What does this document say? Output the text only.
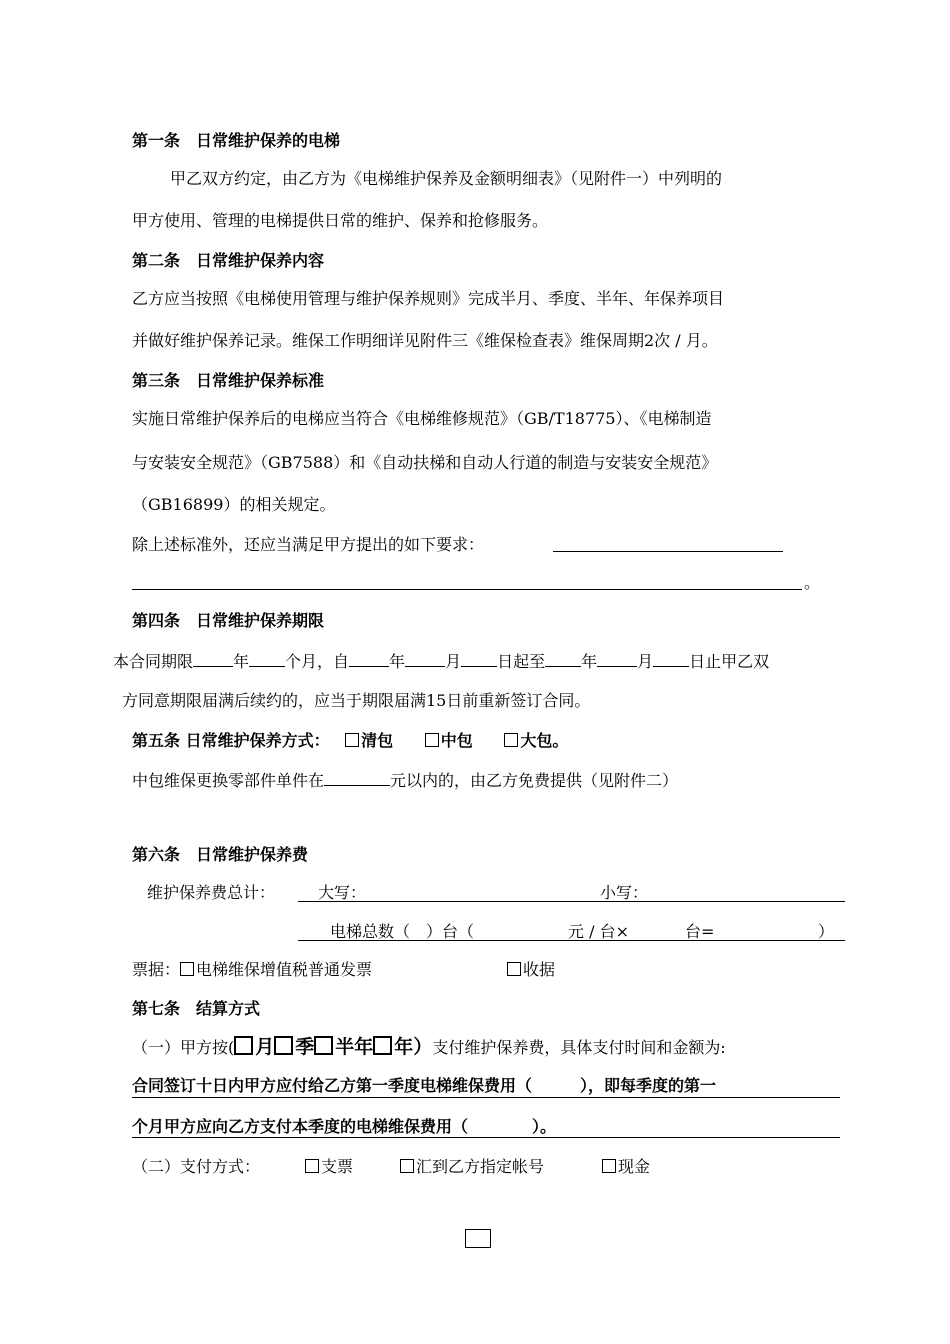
第一条　日常维护保养的电梯
甲乙双方约定，由乙方为《电梯维护保养及金额明细表》（见附件一）中列明的
甲方使用、管理的电梯提供日常的维护、保养和抢修服务。
第二条　日常维护保养内容
乙方应当按照《电梯使用管理与维护保养规则》完成半月、季度、半年、年保养项目
并做好维护保养记录。维保工作明细详见附件三《维保检查表》维保周期2次 / 月。
第三条　日常维护保养标准
实施日常维护保养后的电梯应当符合《电梯维修规范》（GB/T18775）、《电梯制造
与安装安全规范》（GB7588）和《自动扶梯和自动人行道的制造与安装安全规范》
（GB16899）的相关规定。
除上述标准外，还应当满足甲方提出的如下要求：
。
第四条　日常维护保养期限
本合同期限	年 个月，自	年	月 日起至 年	月 日止甲乙双
方同意期限届满后续约的，应当于期限届满15日前重新签订合同。
第五条 日常维护保养方式： 清包	中包	大包。
中包维保更换零部件单件在	元以内的，由乙方免费提供（见附件二）
第六条　日常维护保养费
维护保养费总计：	大写：	小写：
电梯总数（　）台（	元 / 台×	台=	）
票据： 电梯维保增值税普通发票	收据
第七条　结算方式
（一）甲方按( 月 季 半年 年）支付维护保养费，具体支付时间和金额为:
合同签订十日内甲方应付给乙方第一季度电梯维保费用（　　　），即每季度的第一
个月甲方应向乙方支付本季度的电梯维保费用（　　　　）。
（二）支付方式：	支票	汇到乙方指定帐号	现金
